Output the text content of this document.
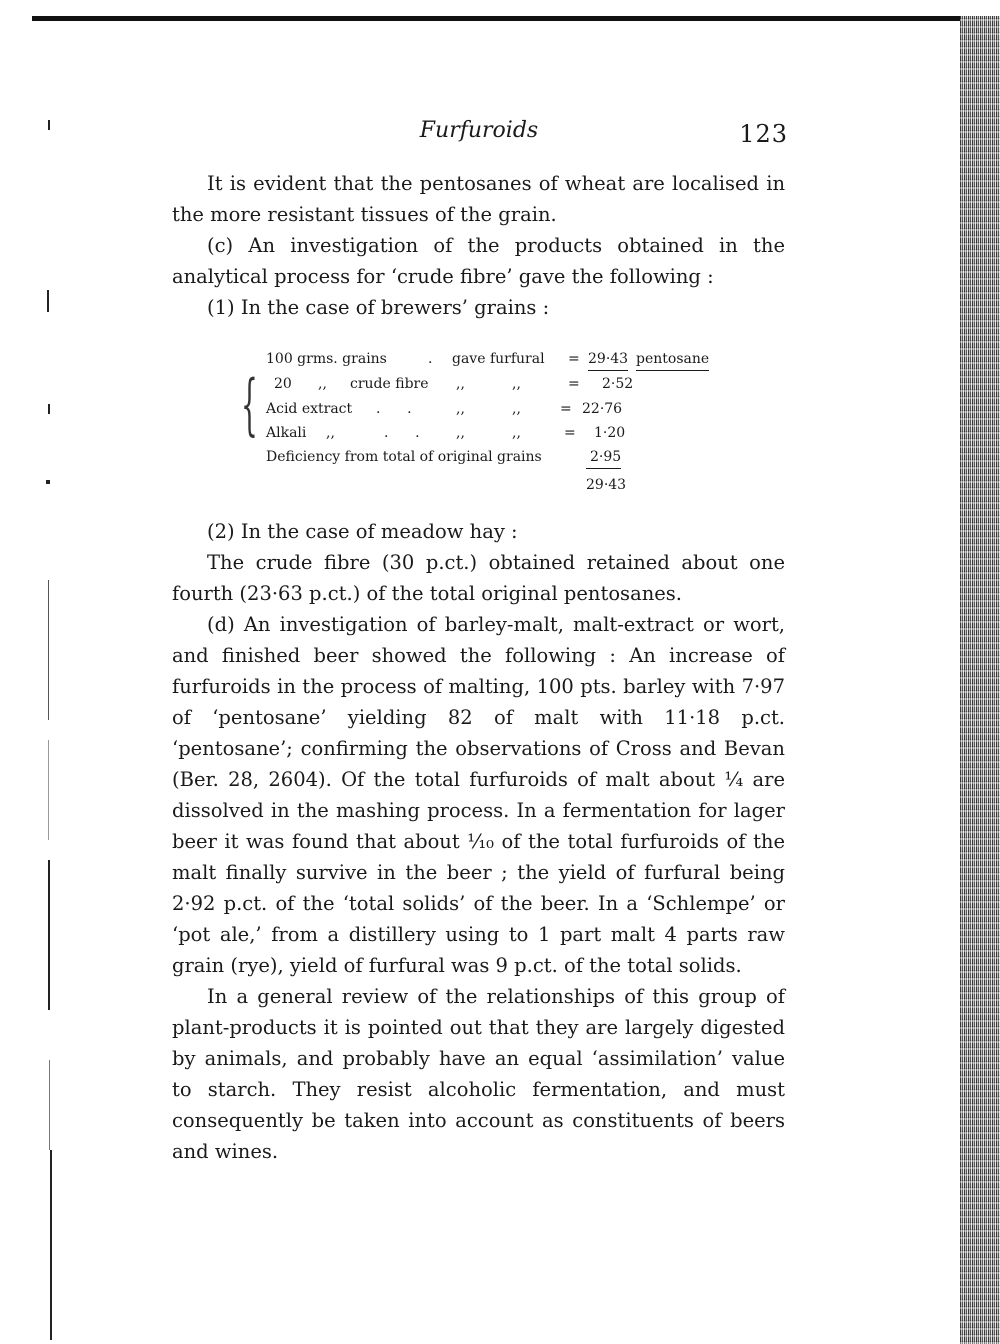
Furfuroids	123

It is evident that the pentosanes of wheat are localised in the more resistant tissues of the grain.

(c) An investigation of the products obtained in the analytical process for ‘crude fibre’ gave the following :

(1) In the case of brewers’ grains :

{
100 grms. grains	. gave furfural = 29·43 pentosane
20 ,, crude fibre ,,	,,	= 2·52
Acid extract .      .	,,	,,	= 22·76
Alkali ,,	.      .	,,	,,	= 1·20
Deficiency from total of original grains	2·95
29·43

(2) In the case of meadow hay :

The crude fibre (30 p.ct.) obtained retained about one fourth (23·63 p.ct.) of the total original pentosanes.

(d) An investigation of barley-malt, malt-extract or wort, and finished beer showed the following : An increase of furfuroids in the process of malting, 100 pts. barley with 7·97 of ‘pentosane’ yielding 82 of malt with 11·18 p.ct. ‘pentosane’; confirming the observations of Cross and Bevan (Ber. 28, 2604). Of the total furfuroids of malt about ¼ are dissolved in the mashing process. In a fermentation for lager beer it was found that about ¹⁄₁₀ of the total furfuroids of the malt finally survive in the beer ; the yield of furfural being 2·92 p.ct. of the ‘total solids’ of the beer. In a ‘Schlempe’ or ‘pot ale,’ from a distillery using to 1 part malt 4 parts raw grain (rye), yield of furfural was 9 p.ct. of the total solids.

In a general review of the relationships of this group of plant-products it is pointed out that they are largely digested by animals, and probably have an equal ‘assimilation’ value to starch. They resist alcoholic fermentation, and must consequently be taken into account as constituents of beers and wines.
